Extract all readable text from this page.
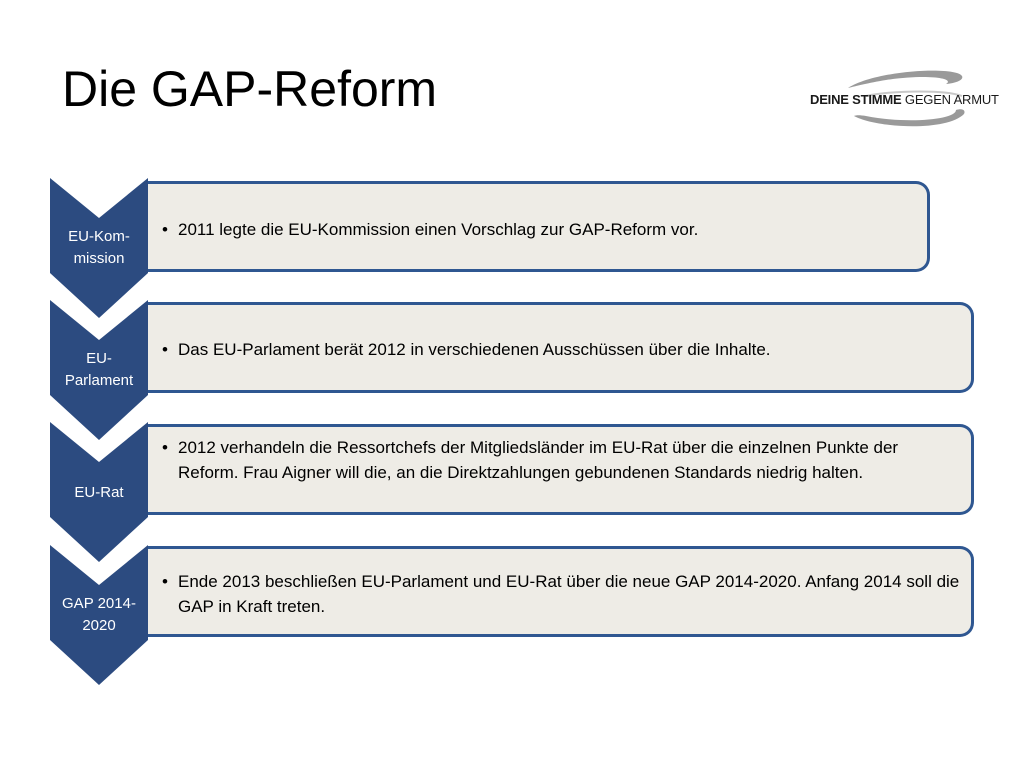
Die GAP-Reform	DEINE STIMME GEGEN ARMUT
EU-Kom-
mission
• 2011 legte die EU-Kommission einen Vorschlag zur GAP-Reform vor.
EU-
Parlament
• Das EU-Parlament berät 2012 in verschiedenen Ausschüssen über die Inhalte.
EU-Rat
• 2012 verhandeln die Ressortchefs der Mitgliedsländer im EU-Rat über die einzelnen Punkte der Reform. Frau Aigner will die, an die Direktzahlungen gebundenen Standards niedrig halten.
GAP 2014-
2020
• Ende 2013 beschließen EU-Parlament und EU-Rat über die neue GAP 2014-2020. Anfang 2014 soll die GAP in Kraft treten.
